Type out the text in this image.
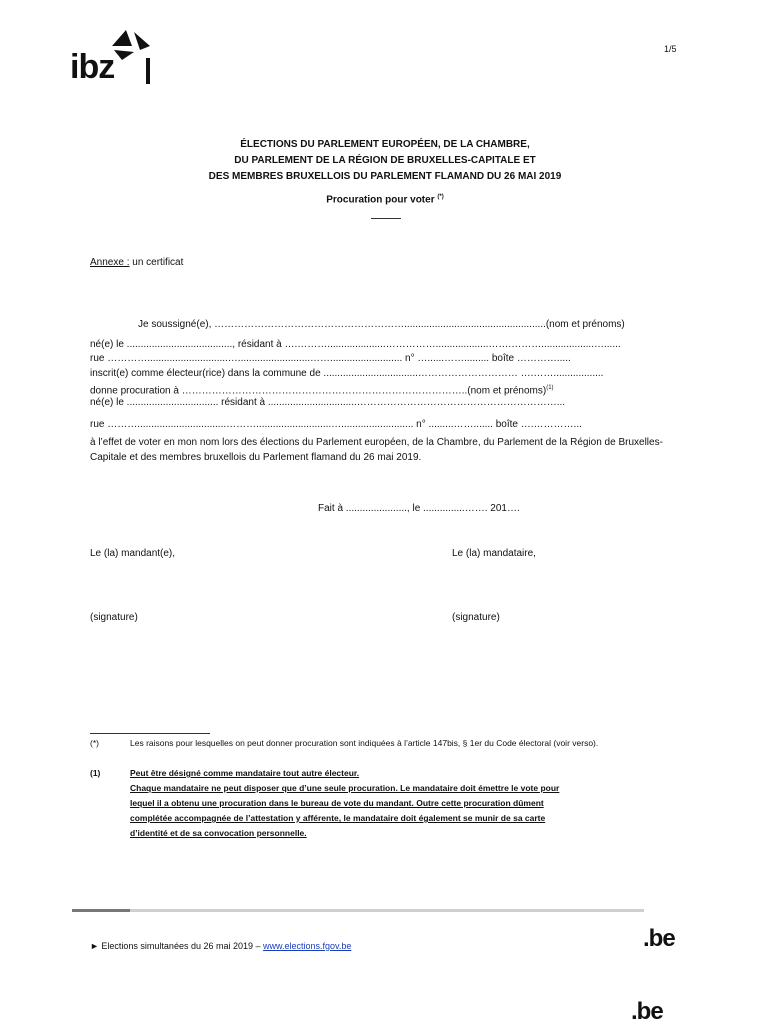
ibz	1/5
ÉLECTIONS DU PARLEMENT EUROPÉEN, DE LA CHAMBRE,
DU PARLEMENT DE LA RÉGION DE BRUXELLES-CAPITALE ET
DES MEMBRES BRUXELLOIS DU PARLEMENT FLAMAND DU 26 MAI 2019
Procuration pour voter (*)
Annexe : un certificat
Je soussigné(e), …………………………………………………...................................................(nom et prénoms)
né(e) le ......................................, résidant à ….……….....................……………...................…….………...................…......
rue ………….............................…..........................…….......................... n° …......……......... boîte ………….....
inscrit(e) comme électeur(rice) dans la commune de ..................................………………………… ….……..................
donne procuration à …………………………………………………………………………..(nom et prénoms)$^{(1)}$
né(e) le ................................. résidant à ................................……………………………………………………...
rue ………................................………...........................….......................... n° .........……....... boîte ….…………...
à l’effet de voter en mon nom lors des élections du Parlement européen, de la Chambre, du Parlement de la Région de Bruxelles-Capitale et des membres bruxellois du Parlement flamand du 26 mai 2019.
Fait à ......................, le ...............……. 201….
Le (la) mandant(e),	Le (la) mandataire,
(signature)	(signature)
(*)	Les raisons pour lesquelles on peut donner procuration sont indiquées à l’article 147bis, § 1er du Code électoral (voir verso).
(1)	Peut être désigné comme mandataire tout autre électeur.
Chaque mandataire ne peut disposer que d’une seule procuration. Le mandataire doit émettre le vote pour
lequel il a obtenu une procuration dans le bureau de vote du mandant. Outre cette procuration dûment
complétée accompagnée de l’attestation y afférente, le mandataire doit également se munir de sa carte
d’identité et de sa convocation personnelle.
► Elections simultanées du 26 mai 2019 – www.elections.fgov.be	.be
.be
